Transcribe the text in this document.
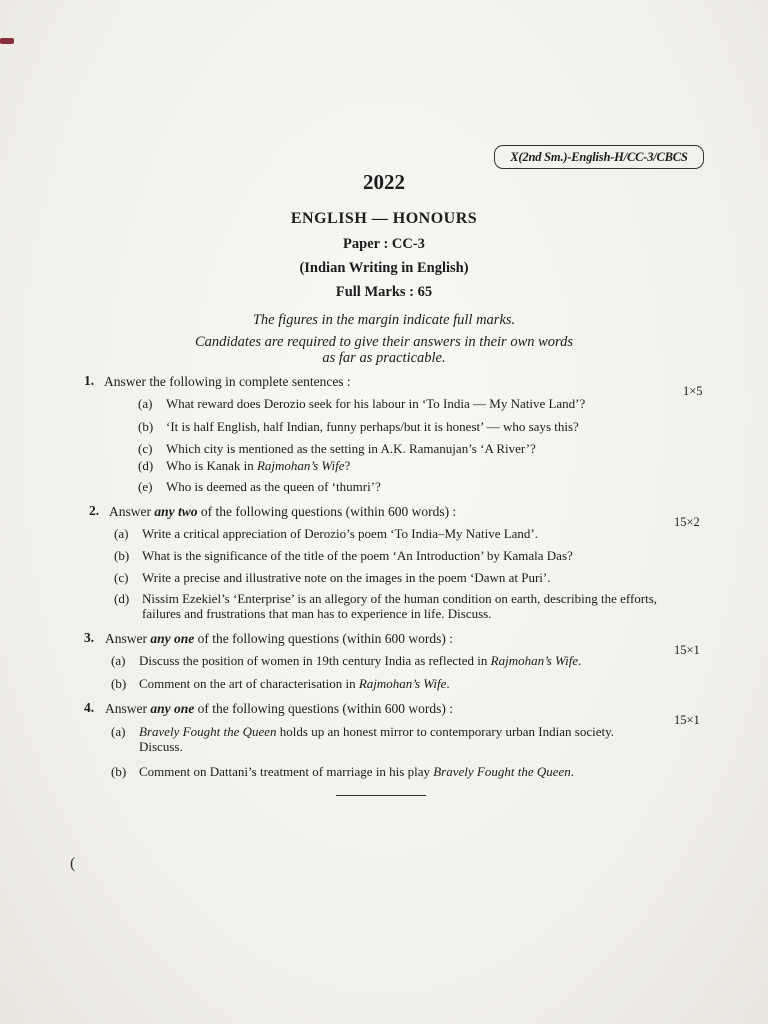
X(2nd Sm.)-English-H/CC-3/CBCS
2022
ENGLISH — HONOURS
Paper : CC-3
(Indian Writing in English)
Full Marks : 65
The figures in the margin indicate full marks.
Candidates are required to give their answers in their own words
as far as practicable.
1. Answer the following in complete sentences :
1×5
(a) What reward does Derozio seek for his labour in ‘To India — My Native Land’?
(b) ‘It is half English, half Indian, funny perhaps/but it is honest’ — who says this?
(c) Which city is mentioned as the setting in A.K. Ramanujan’s ‘A River’?
(d) Who is Kanak in Rajmohan’s Wife?
(e) Who is deemed as the queen of ‘thumri’?
2. Answer any two of the following questions (within 600 words) :
15×2
(a) Write a critical appreciation of Derozio’s poem ‘To India–My Native Land’.
(b) What is the significance of the title of the poem ‘An Introduction’ by Kamala Das?
(c) Write a precise and illustrative note on the images in the poem ‘Dawn at Puri’.
(d) Nissim Ezekiel’s ‘Enterprise’ is an allegory of the human condition on earth, describing the efforts,
failures and frustrations that man has to experience in life. Discuss.
3. Answer any one of the following questions (within 600 words) :
15×1
(a) Discuss the position of women in 19th century India as reflected in Rajmohan’s Wife.
(b) Comment on the art of characterisation in Rajmohan’s Wife.
4. Answer any one of the following questions (within 600 words) :
15×1
(a) Bravely Fought the Queen holds up an honest mirror to contemporary urban Indian society.
Discuss.
(b) Comment on Dattani’s treatment of marriage in his play Bravely Fought the Queen.
(
